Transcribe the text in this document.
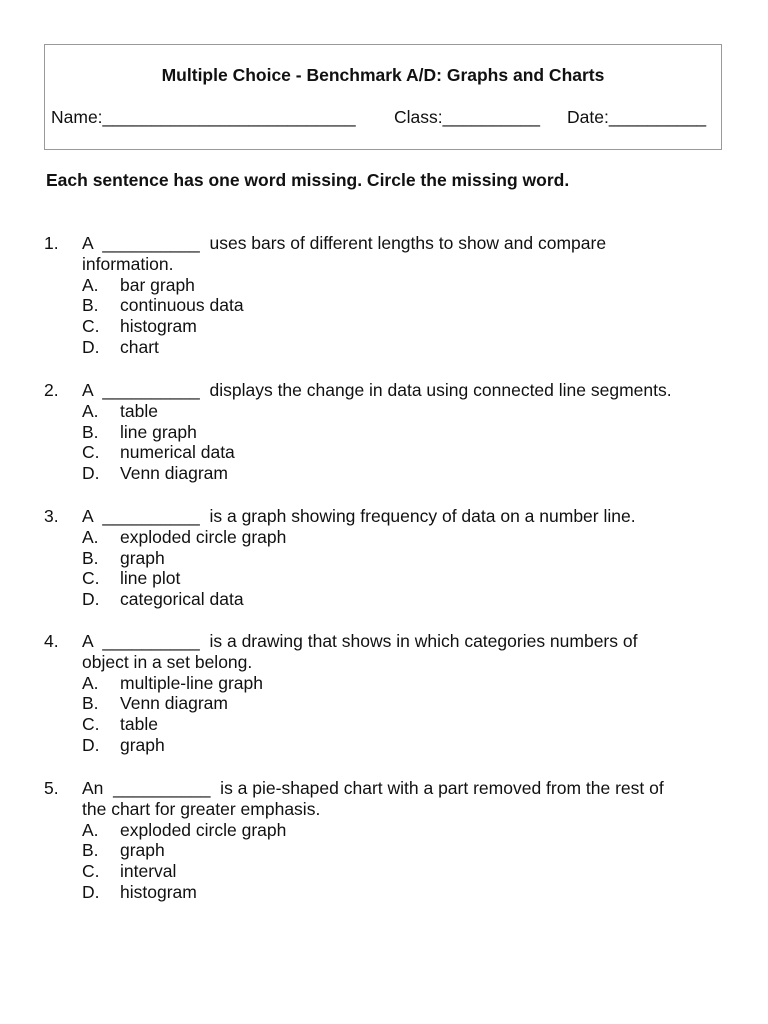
Multiple Choice - Benchmark A/D: Graphs and Charts

Name:__________________________

Class:__________

Date:__________

Each sentence has one word missing. Circle the missing word.
1. A  __________  uses bars of different lengths to show and compare
information.
A. bar graph
B. continuous data
C. histogram
D. chart
2. A  __________  displays the change in data using connected line segments.
A. table
B. line graph
C. numerical data
D. Venn diagram
3. A  __________  is a graph showing frequency of data on a number line.
A. exploded circle graph
B. graph
C. line plot
D. categorical data
4. A  __________  is a drawing that shows in which categories numbers of
object in a set belong.
A. multiple-line graph
B. Venn diagram
C. table
D. graph
5. An  __________  is a pie-shaped chart with a part removed from the rest of
the chart for greater emphasis.
A. exploded circle graph
B. graph
C. interval
D. histogram
